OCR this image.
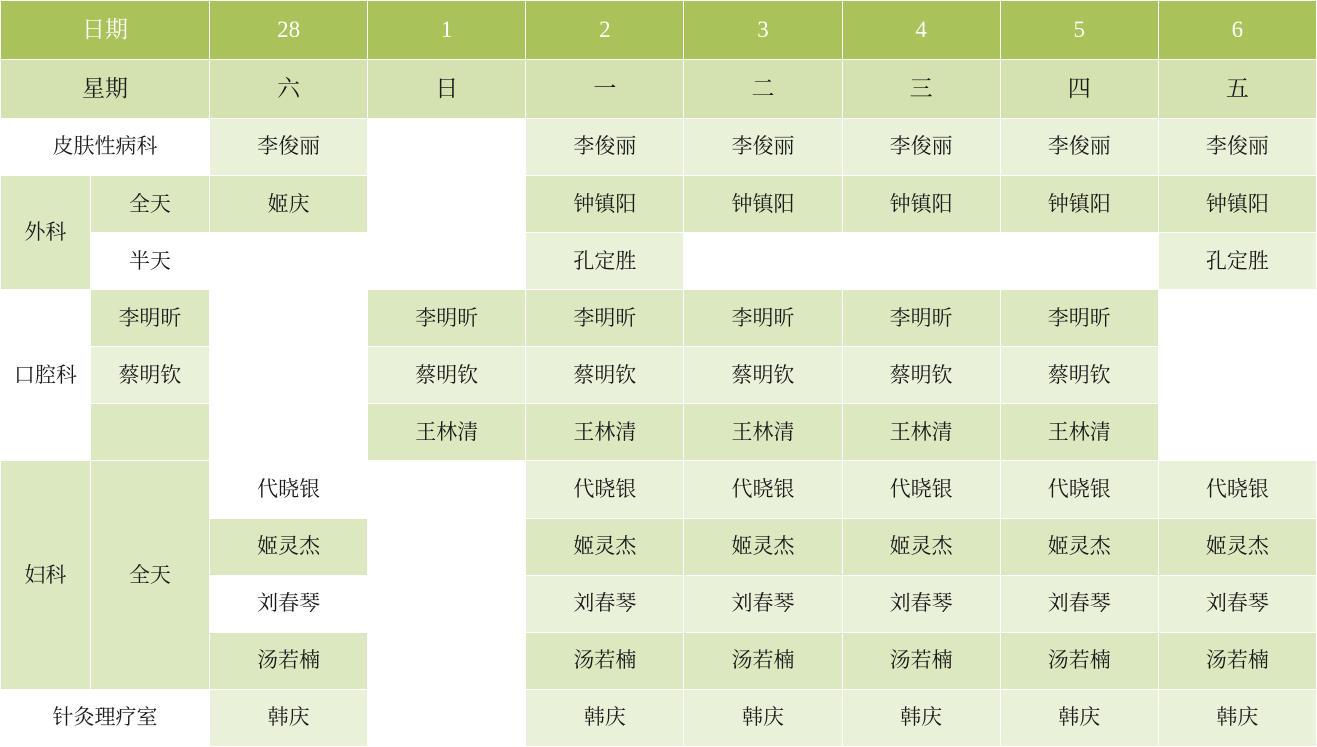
日期		28	1	2	3	4	5	6
星期		六	日	一	二	三	四	五
皮肤性病科		李俊丽		李俊丽	李俊丽	李俊丽	李俊丽	李俊丽
外科	全天	姬庆		钟镇阳	钟镇阳	钟镇阳	钟镇阳	钟镇阳
	半天			孔定胜				孔定胜
口腔科	李明昕		李明昕	李明昕	李明昕	李明昕	李明昕	
	蔡明钦		蔡明钦	蔡明钦	蔡明钦	蔡明钦	蔡明钦	
			王林清	王林清	王林清	王林清	王林清	
妇科	全天	代晓银		代晓银	代晓银	代晓银	代晓银	代晓银
		姬灵杰		姬灵杰	姬灵杰	姬灵杰	姬灵杰	姬灵杰
		刘春琴		刘春琴	刘春琴	刘春琴	刘春琴	刘春琴
		汤若楠		汤若楠	汤若楠	汤若楠	汤若楠	汤若楠
针灸理疗室		韩庆		韩庆	韩庆	韩庆	韩庆	韩庆
